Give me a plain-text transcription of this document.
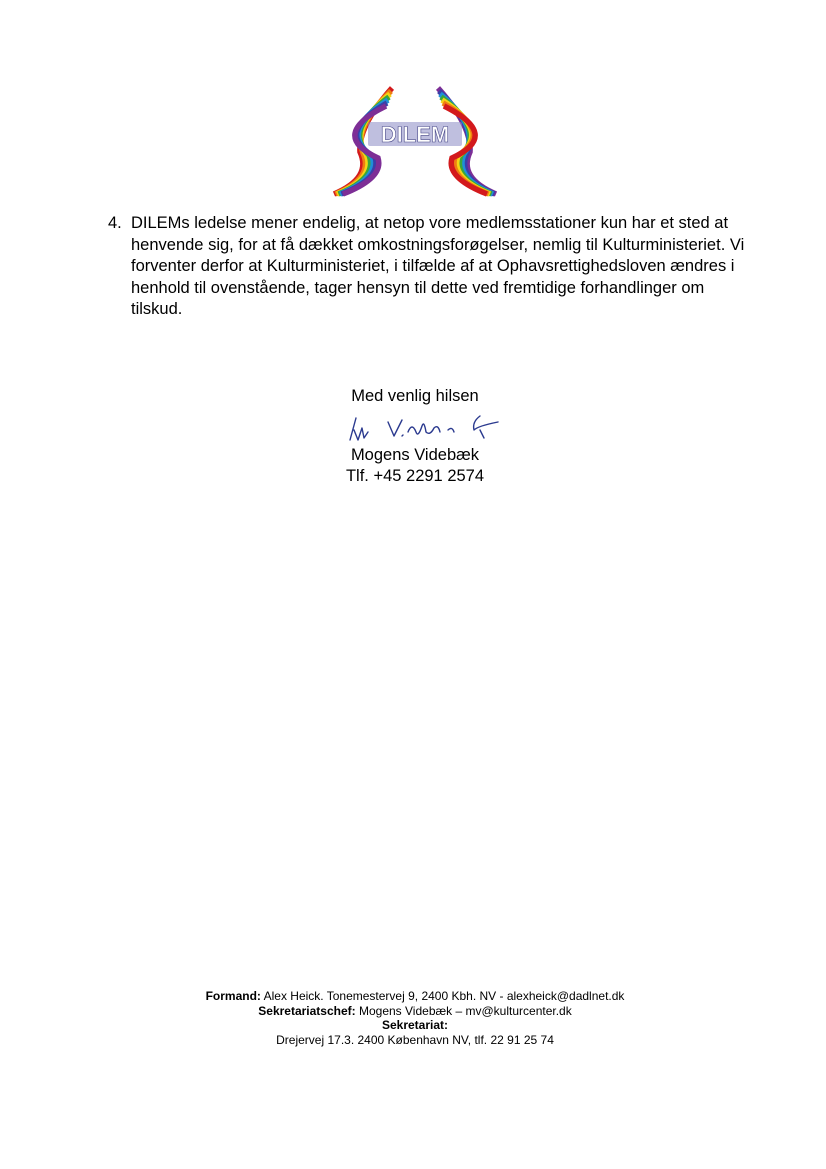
DILEM
4. DILEMs ledelse mener endelig, at netop vore medlemsstationer kun har et sted at henvende sig, for at få dækket omkostningsforøgelser, nemlig til Kulturministeriet. Vi forventer derfor at Kulturministeriet, i tilfælde af at Ophavsrettighedsloven ændres i henhold til ovenstående, tager hensyn til dette ved fremtidige forhandlinger om tilskud.
Med venlig hilsen
Mogens Videbæk
Tlf. +45 2291 2574
Formand: Alex Heick. Tonemestervej 9, 2400 Kbh. NV - alexheick@dadlnet.dk
Sekretariatschef: Mogens Videbæk – mv@kulturcenter.dk
Sekretariat:
Drejervej 17.3. 2400 København NV, tlf. 22 91 25 74
